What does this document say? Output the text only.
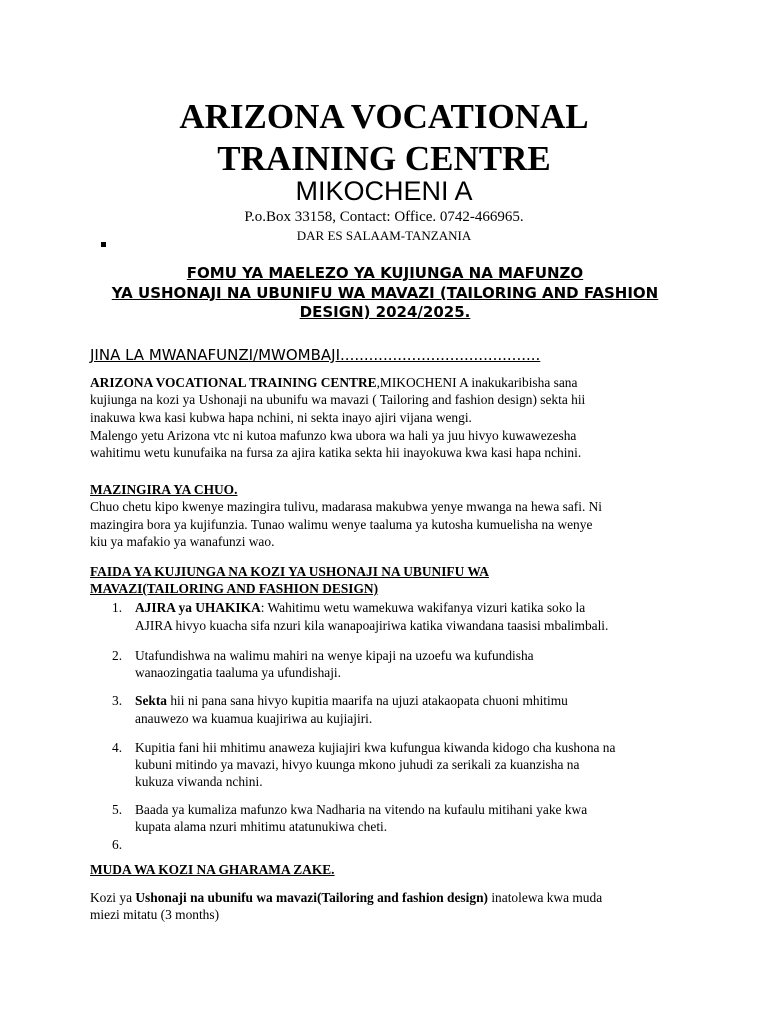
ARIZONA VOCATIONAL
TRAINING CENTRE
MIKOCHENI A
P.o.Box 33158, Contact: Office. 0742-466965.
DAR ES SALAAM-TANZANIA
FOMU YA MAELEZO YA KUJIUNGA NA MAFUNZO
YA USHONAJI NA UBUNIFU WA MAVAZI (TAILORING AND FASHION
DESIGN) 2024/2025.
JINA LA MWANAFUNZI/MWOMBAJI..........................................
ARIZONA VOCATIONAL TRAINING CENTRE,MIKOCHENI A inakukaribisha sana
kujiunga na kozi ya Ushonaji na ubunifu wa mavazi ( Tailoring and fashion design) sekta hii
inakuwa kwa kasi kubwa hapa nchini, ni sekta inayo ajiri vijana wengi.
Malengo yetu Arizona vtc ni kutoa mafunzo kwa ubora wa hali ya juu hivyo kuwawezesha
wahitimu wetu kunufaika na fursa za ajira katika sekta hii inayokuwa kwa kasi hapa nchini.
MAZINGIRA YA CHUO.
Chuo chetu kipo kwenye mazingira tulivu, madarasa makubwa yenye mwanga na hewa safi. Ni
mazingira bora ya kujifunzia. Tunao walimu wenye taaluma ya kutosha kumuelisha na wenye
kiu ya mafakio ya wanafunzi wao.
FAIDA YA KUJIUNGA NA KOZI YA USHONAJI NA UBUNIFU WA
MAVAZI(TAILORING AND FASHION DESIGN)
1. AJIRA ya UHAKIKA: Wahitimu wetu wamekuwa wakifanya vizuri katika soko la
AJIRA hivyo kuacha sifa nzuri kila wanapoajiriwa katika viwandana taasisi mbalimbali.
2. Utafundishwa na walimu mahiri na wenye kipaji na uzoefu wa kufundisha
wanaozingatia taaluma ya ufundishaji.
3. Sekta hii ni pana sana hivyo kupitia maarifa na ujuzi atakaopata chuoni mhitimu
anauwezo wa kuamua kuajiriwa au kujiajiri.
4. Kupitia fani hii mhitimu anaweza kujiajiri kwa kufungua kiwanda kidogo cha kushona na
kubuni mitindo ya mavazi, hivyo kuunga mkono juhudi za serikali za kuanzisha na
kukuza viwanda nchini.
5. Baada ya kumaliza mafunzo kwa Nadharia na vitendo na kufaulu mitihani yake kwa
kupata alama nzuri mhitimu atatunukiwa cheti.
6.
MUDA WA KOZI NA GHARAMA ZAKE.
Kozi ya Ushonaji na ubunifu wa mavazi(Tailoring and fashion design) inatolewa kwa muda
miezi mitatu (3 months)
